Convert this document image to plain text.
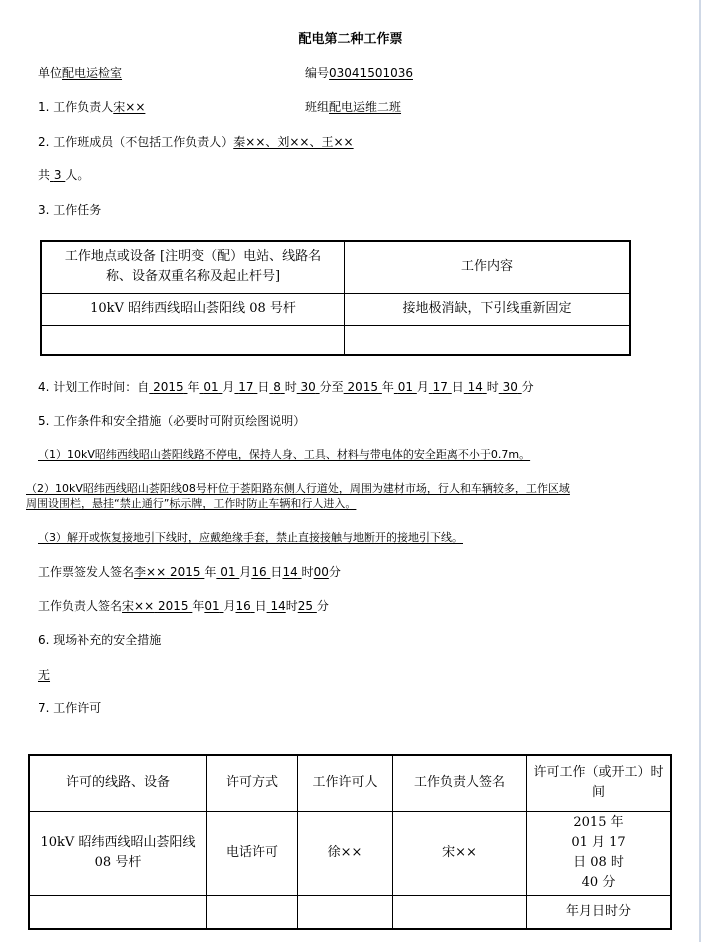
配电第二种工作票
单位配电运检室	编号03041501036
1. 工作负责人宋××	班组配电运维二班
2. 工作班成员（不包括工作负责人）秦××、刘××、王××
共 3 人。
3. 工作任务
工作地点或设备 [注明变（配）电站、线路名称、设备双重名称及起止杆号]	工作内容
10kV 昭纬西线昭山荟阳线 08 号杆	接地极消缺，下引线重新固定

4. 计划工作时间：自 2015 年 01 月 17 日 8 时 30 分至 2015 年 01 月 17 日 14 时 30 分
5. 工作条件和安全措施（必要时可附页绘图说明）
（1）10kV昭纬西线昭山荟阳线路不停电，保持人身、工具、材料与带电体的安全距离不小于0.7m。
（2）10kV昭纬西线昭山荟阳线08号杆位于荟阳路东侧人行道处，周围为建材市场，行人和车辆较多，工作区域
周围设围栏，悬挂“禁止通行”标示牌，工作时防止车辆和行人进入。
（3）解开或恢复接地引下线时，应戴绝缘手套，禁止直接接触与地断开的接地引下线。
工作票签发人签名李×× 2015 年 01 月16 日14 时00分
工作负责人签名宋×× 2015 年01 月16 日 14时25 分
6. 现场补充的安全措施
无
7. 工作许可
许可的线路、设备	许可方式	工作许可人	工作负责人签名	许可工作（或开工）时间
10kV 昭纬西线昭山荟阳线 08 号杆	电话许可	徐××	宋××	2015 年 01 月 17 日 08 时 40 分
				年月日时分
